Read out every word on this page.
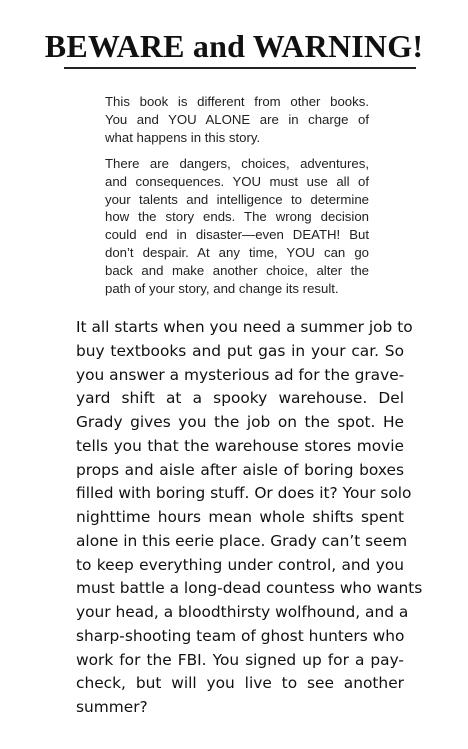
BEWARE and WARNING!

This book is different from other books.
You and YOU ALONE are in charge of
what happens in this story.

There are dangers, choices, adventures,
and consequences. YOU must use all of
your talents and intelligence to determine
how the story ends. The wrong decision
could end in disaster—even DEATH! But
don’t despair. At any time, YOU can go
back and make another choice, alter the
path of your story, and change its result.

It all starts when you need a summer job to
buy textbooks and put gas in your car. So
you answer a mysterious ad for the grave-
yard shift at a spooky warehouse. Del
Grady gives you the job on the spot. He
tells you that the warehouse stores movie
props and aisle after aisle of boring boxes
filled with boring stuff. Or does it? Your solo
nighttime hours mean whole shifts spent
alone in this eerie place. Grady can’t seem
to keep everything under control, and you
must battle a long-dead countess who wants
your head, a bloodthirsty wolfhound, and a
sharp-shooting team of ghost hunters who
work for the FBI. You signed up for a pay-
check, but will you live to see another
summer?
